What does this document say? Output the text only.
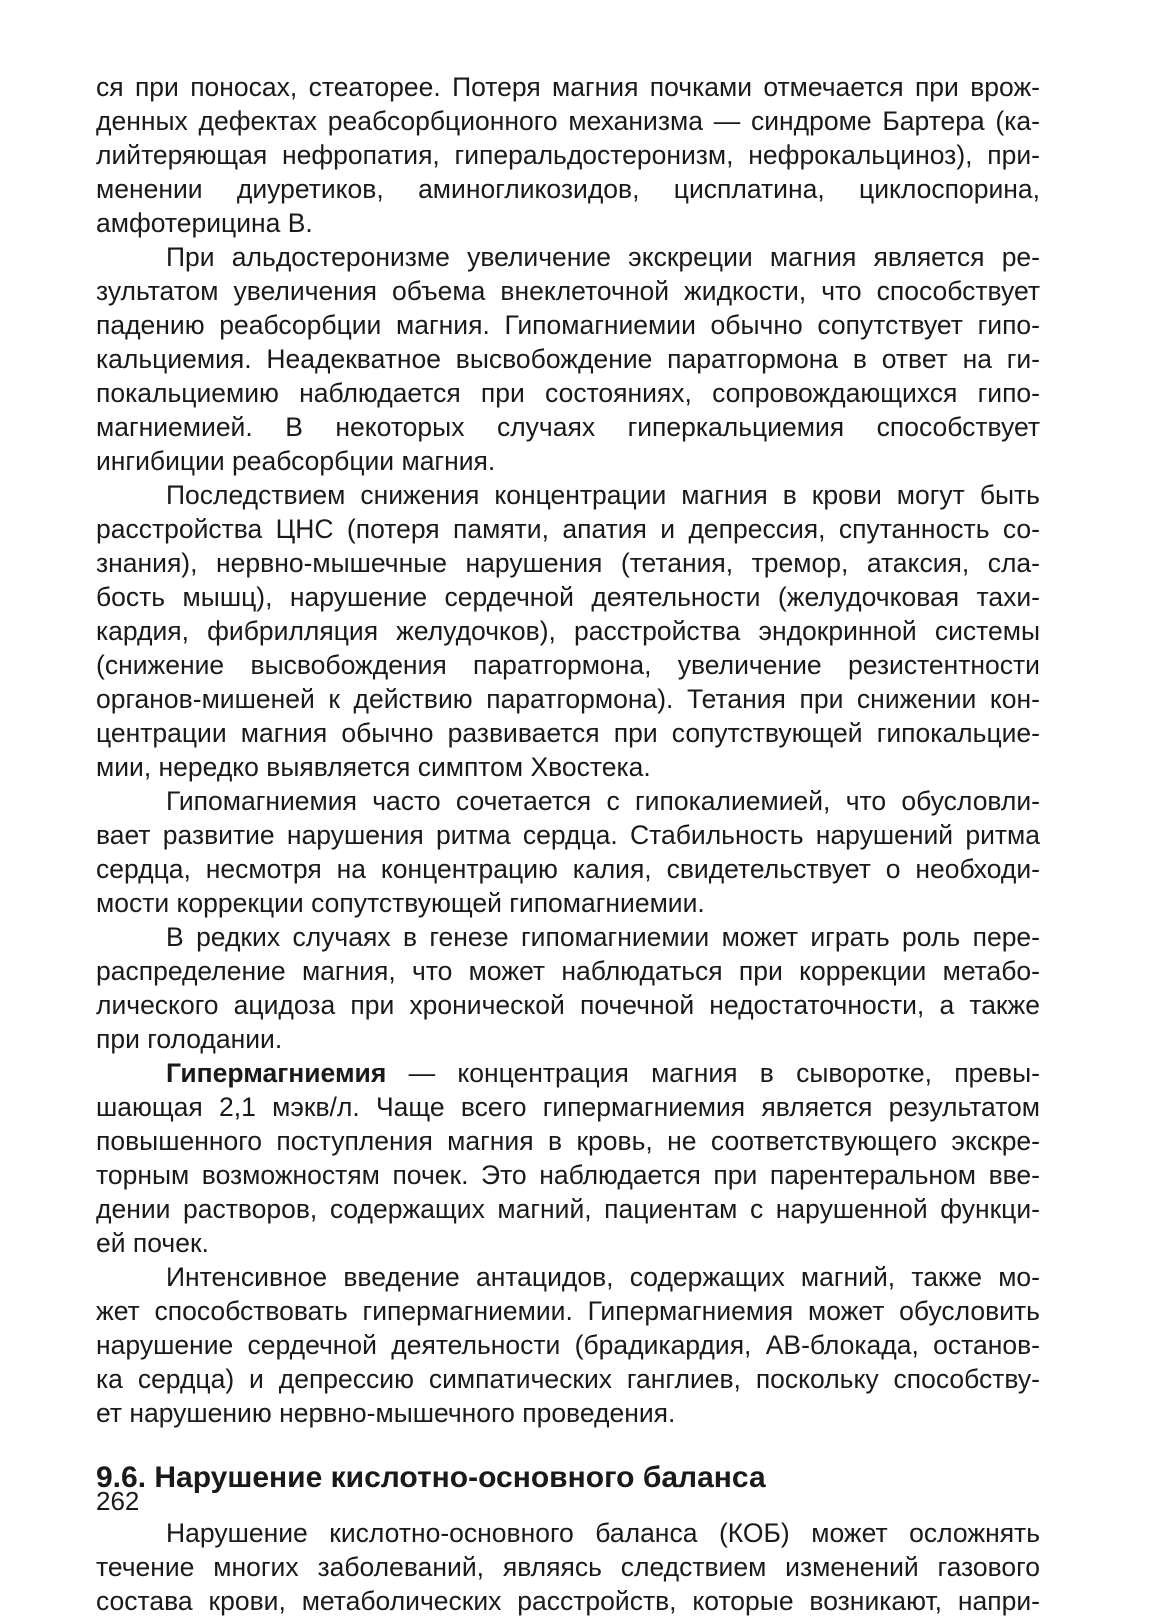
ся при поносах, стеаторее. Потеря магния почками отмечается при врож-
денных дефектах реабсорбционного механизма — синдроме Бартера (ка-
лийтеряющая нефропатия, гиперальдостеронизм, нефрокальциноз), при-
менении диуретиков, аминогликозидов, цисплатина, циклоспорина,
амфотерицина B.
При альдостеронизме увеличение экскреции магния является ре-
зультатом увеличения объема внеклеточной жидкости, что способствует
падению реабсорбции магния. Гипомагниемии обычно сопутствует гипо-
кальциемия. Неадекватное высвобождение паратгормона в ответ на ги-
покальциемию наблюдается при состояниях, сопровождающихся гипо-
магниемией. В некоторых случаях гиперкальциемия способствует
ингибиции реабсорбции магния.
Последствием снижения концентрации магния в крови могут быть
расстройства ЦНС (потеря памяти, апатия и депрессия, спутанность со-
знания), нервно-мышечные нарушения (тетания, тремор, атаксия, сла-
бость мышц), нарушение сердечной деятельности (желудочковая тахи-
кардия, фибрилляция желудочков), расстройства эндокринной системы
(снижение высвобождения паратгормона, увеличение резистентности
органов-мишеней к действию паратгормона). Тетания при снижении кон-
центрации магния обычно развивается при сопутствующей гипокальцие-
мии, нередко выявляется симптом Хвостека.
Гипомагниемия часто сочетается с гипокалиемией, что обусловли-
вает развитие нарушения ритма сердца. Стабильность нарушений ритма
сердца, несмотря на концентрацию калия, свидетельствует о необходи-
мости коррекции сопутствующей гипомагниемии.
В редких случаях в генезе гипомагниемии может играть роль пере-
распределение магния, что может наблюдаться при коррекции метабо-
лического ацидоза при хронической почечной недостаточности, а также
при голодании.
Гипермагниемия — концентрация магния в сыворотке, превы-
шающая 2,1 мэкв/л. Чаще всего гипермагниемия является результатом
повышенного поступления магния в кровь, не соответствующего экскре-
торным возможностям почек. Это наблюдается при парентеральном вве-
дении растворов, содержащих магний, пациентам с нарушенной функци-
ей почек.
Интенсивное введение антацидов, содержащих магний, также мо-
жет способствовать гипермагниемии. Гипермагниемия может обусловить
нарушение сердечной деятельности (брадикардия, АВ-блокада, останов-
ка сердца) и депрессию симпатических ганглиев, поскольку способству-
ет нарушению нервно-мышечного проведения.
9.6. Нарушение кислотно-основного баланса
Нарушение кислотно-основного баланса (КОБ) может осложнять
течение многих заболеваний, являясь следствием изменений газового
состава крови, метаболических расстройств, которые возникают, напри-
262
